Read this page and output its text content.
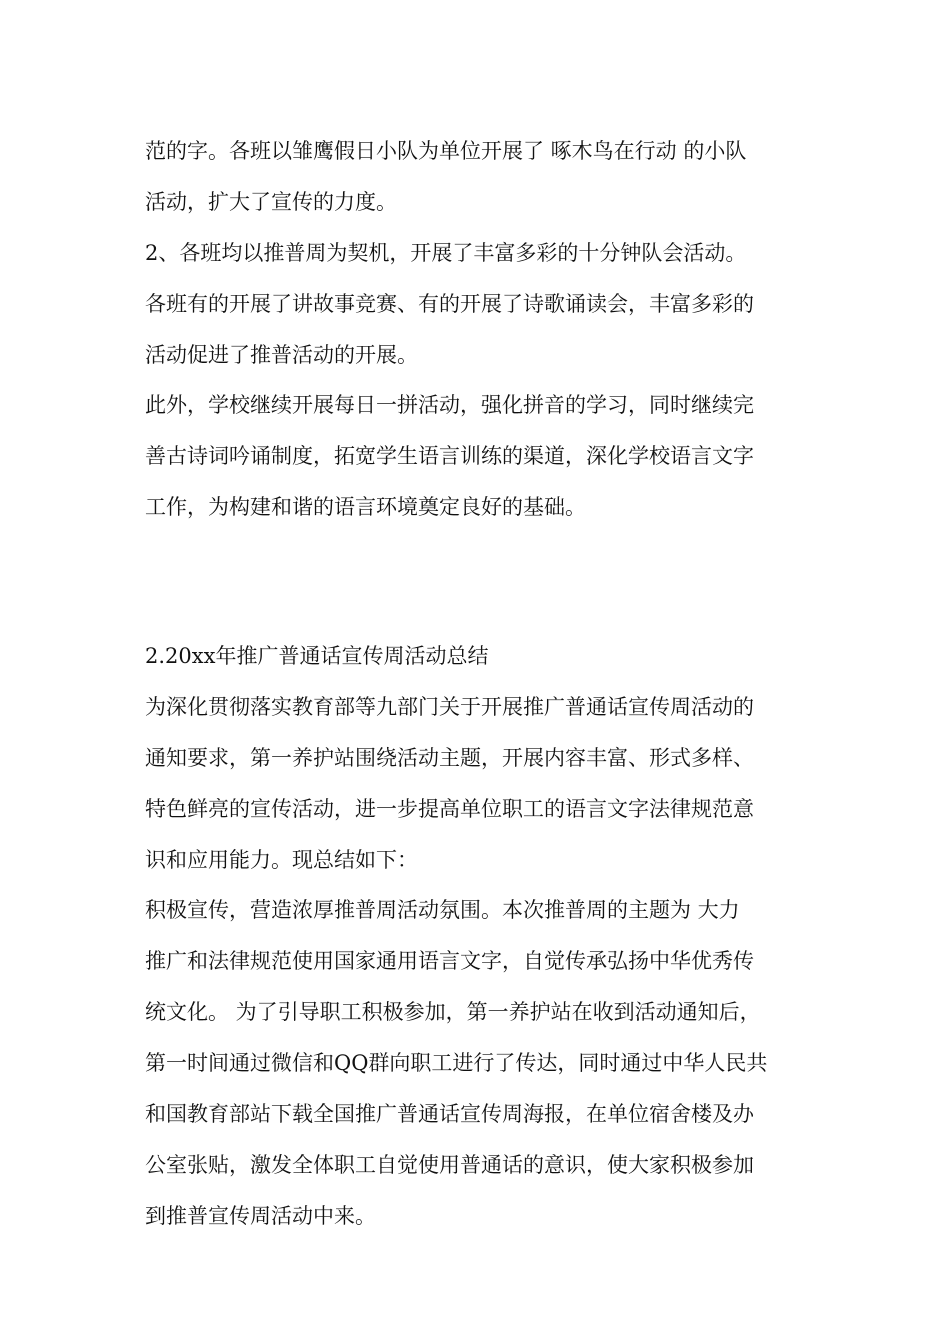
范的字。各班以雏鹰假日小队为单位开展了 啄木鸟在行动 的小队

活动，扩大了宣传的力度。

2、各班均以推普周为契机，开展了丰富多彩的十分钟队会活动。

各班有的开展了讲故事竞赛、有的开展了诗歌诵读会，丰富多彩的

活动促进了推普活动的开展。

此外，学校继续开展每日一拼活动，强化拼音的学习，同时继续完

善古诗词吟诵制度，拓宽学生语言训练的渠道，深化学校语言文字

工作，为构建和谐的语言环境奠定良好的基础。

2.20xx年推广普通话宣传周活动总结

为深化贯彻落实教育部等九部门关于开展推广普通话宣传周活动的

通知要求，第一养护站围绕活动主题，开展内容丰富、形式多样、

特色鲜亮的宣传活动，进一步提高单位职工的语言文字法律规范意

识和应用能力。现总结如下：

积极宣传，营造浓厚推普周活动氛围。本次推普周的主题为 大力

推广和法律规范使用国家通用语言文字，自觉传承弘扬中华优秀传

统文化。 为了引导职工积极参加，第一养护站在收到活动通知后，

第一时间通过微信和QQ群向职工进行了传达，同时通过中华人民共

和国教育部站下载全国推广普通话宣传周海报，在单位宿舍楼及办

公室张贴，激发全体职工自觉使用普通话的意识，使大家积极参加

到推普宣传周活动中来。
